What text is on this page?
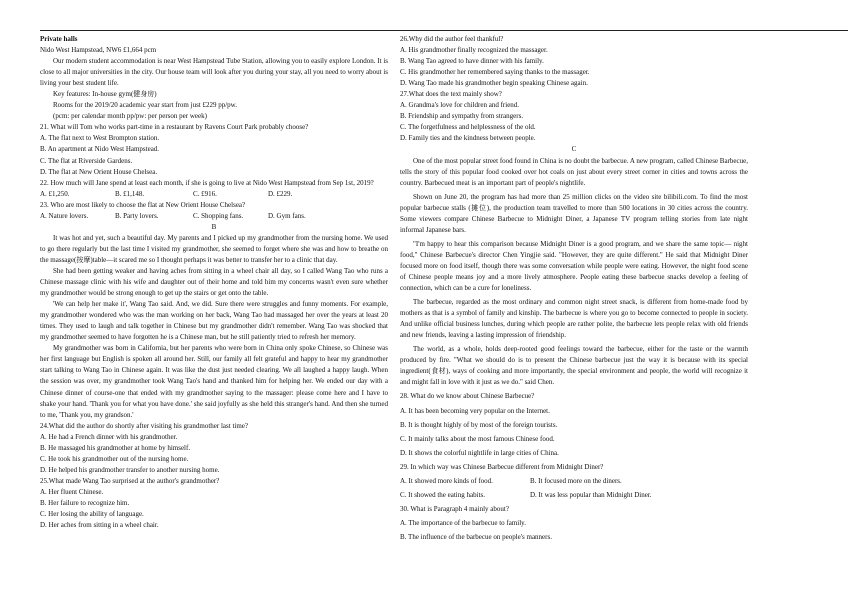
Private halls
Nido West Hampstead, NW6 £1,664 pcm

Our modern student accommodation is near West Hampstead Tube Station, allowing you to easily explore London. It is close to all major universities in the city. Our house team will look after you during your stay, all you need to worry about is living your best student life.

Key features: In-house gym(健身房)
Rooms for the 2019/20 academic year start from just £229 pp/pw.
(pcm: per calendar month pp/pw: per person per week)
21. What will Tom who works part-time in a restaurant by Ravens Court Park probably choose?
A. The flat next to West Brompton station.
B. An apartment at Nido West Hampstead.
C. The flat at Riverside Gardens.
D. The flat at New Orient House Chelsea.
22. How much will Jane spend at least each month, if she is going to live at Nido West Hampstead from Sep 1st, 2019?
A. £1,250.	B. £1,148.	C. £916.	D. £229.
23. Who are most likely to choose the flat at New Orient House Chelsea?
A. Nature lovers.	B. Party lovers.	C. Shopping fans.	D. Gym fans.
B

It was hot and yet, such a beautiful day. My parents and I picked up my grandmother from the nursing home. We used to go there regularly but the last time I visited my grandmother, she seemed to forget where she was and how to breathe on the massage(按摩)table—it scared me so I thought perhaps it was better to transfer her to a clinic that day.

She had been getting weaker and having aches from sitting in a wheel chair all day, so I called Wang Tao who runs a Chinese massage clinic with his wife and daughter out of their home and told him my concerns wasn't even sure whether my grandmother would be strong enough to get up the stairs or get onto the table.

'We can help her make it', Wang Tao said. And, we did. Sure there were struggles and funny moments. For example, my grandmother wondered who was the man working on her back, Wang Tao had massaged her over the years at least 20 times. They used to laugh and talk together in Chinese but my grandmother didn't remember. Wang Tao was shocked that my grandmother seemed to have forgotten he is a Chinese man, but he still patiently tried to refresh her memory.

My grandmother was born in California, but her parents who were born in China only spoke Chinese, so Chinese was her first language but English is spoken all around her. Still, our family all felt grateful and happy to hear my grandmother start talking to Wang Tao in Chinese again. It was like the dust just needed clearing. We all laughed a happy laugh. When the session was over, my grandmother took Wang Tao's hand and thanked him for helping her. We ended our day with a Chinese dinner of course-one that ended with my grandmother saying to the massager: please come here and I have to shake your hand. 'Thank you for what you have done.' she said joyfully as she held this stranger's hand. And then she turned to me, 'Thank you, my grandson.'

24.What did the author do shortly after visiting his grandmother last time?
A. He had a French dinner with his grandmother.
B. He massaged his grandmother at home by himself.
C. He took his grandmother out of the nursing home.
D. He helped his grandmother transfer to another nursing home.
25.What made Wang Tao surprised at the author's grandmother?
A. Her fluent Chinese.
B. Her failure to recognize him.
C. Her losing the ability of language.
D. Her aches from sitting in a wheel chair.
26.Why did the author feel thankful?
A. His grandmother finally recognized the massager.
B. Wang Tao agreed to have dinner with his family.
C. His grandmother her remembered saying thanks to the massager.
D. Wang Tao made his grandmother begin speaking Chinese again.
27.What does the text mainly show?
A. Grandma's love for children and friend.
B. Friendship and sympathy from strangers.
C. The forgetfulness and helplessness of the old.
D. Family ties and the kindness between people.
C

One of the most popular street food found in China is no doubt the barbecue. A new program, called Chinese Barbecue, tells the story of this popular food cooked over hot coals on just about every street corner in cities and towns across the country. Barbecued meat is an important part of people's nightlife.

Shown on June 20, the program has had more than 25 million clicks on the video site bilibili.com. To find the most popular barbecue stalls (摊位), the production team travelled to more than 500 locations in 30 cities across the country. Some viewers compare Chinese Barbecue to Midnight Diner, a Japanese TV program telling stories from late night informal Japanese bars.

"I'm happy to hear this comparison because Midnight Diner is a good program, and we share the same topic— night food," Chinese Barbecue's director Chen Yingjie said. "However, they are quite different." He said that Midnight Diner focused more on food itself, though there was some conversation while people were eating. However, the night food scene of Chinese people means joy and a more lively atmosphere. People eating these barbecue snacks develop a feeling of connection, which can be a cure for loneliness.

The barbecue, regarded as the most ordinary and common night street snack, is different from home-made food by mothers as that is a symbol of family and kinship. The barbecue is where you go to become connected to people in society. And unlike official business lunches, during which people are rather polite, the barbecue lets people relax with old friends and new friends, leaving a lasting impression of friendship.

The world, as a whole, holds deep-rooted good feelings toward the barbecue, either for the taste or the warmth produced by fire. "What we should do is to present the Chinese barbecue just the way it is because with its special ingredient(食材), ways of cooking and more importantly, the special environment and people, the world will recognize it and might fall in love with it just as we do." said Chen.

28. What do we know about Chinese Barbecue?
A. It has been becoming very popular on the Internet.
B. It is thought highly of by most of the foreign tourists.
C. It mainly talks about the most famous Chinese food.
D. It shows the colorful nightlife in large cities of China.
29. In which way was Chinese Barbecue different from Midnight Diner?
A. It showed more kinds of food.	B. It focused more on the diners.
C. It showed the eating habits.	D. It was less popular than Midnight Diner.
30. What is Paragraph 4 mainly about?
A. The importance of the barbecue to family.
B. The influence of the barbecue on people's manners.
